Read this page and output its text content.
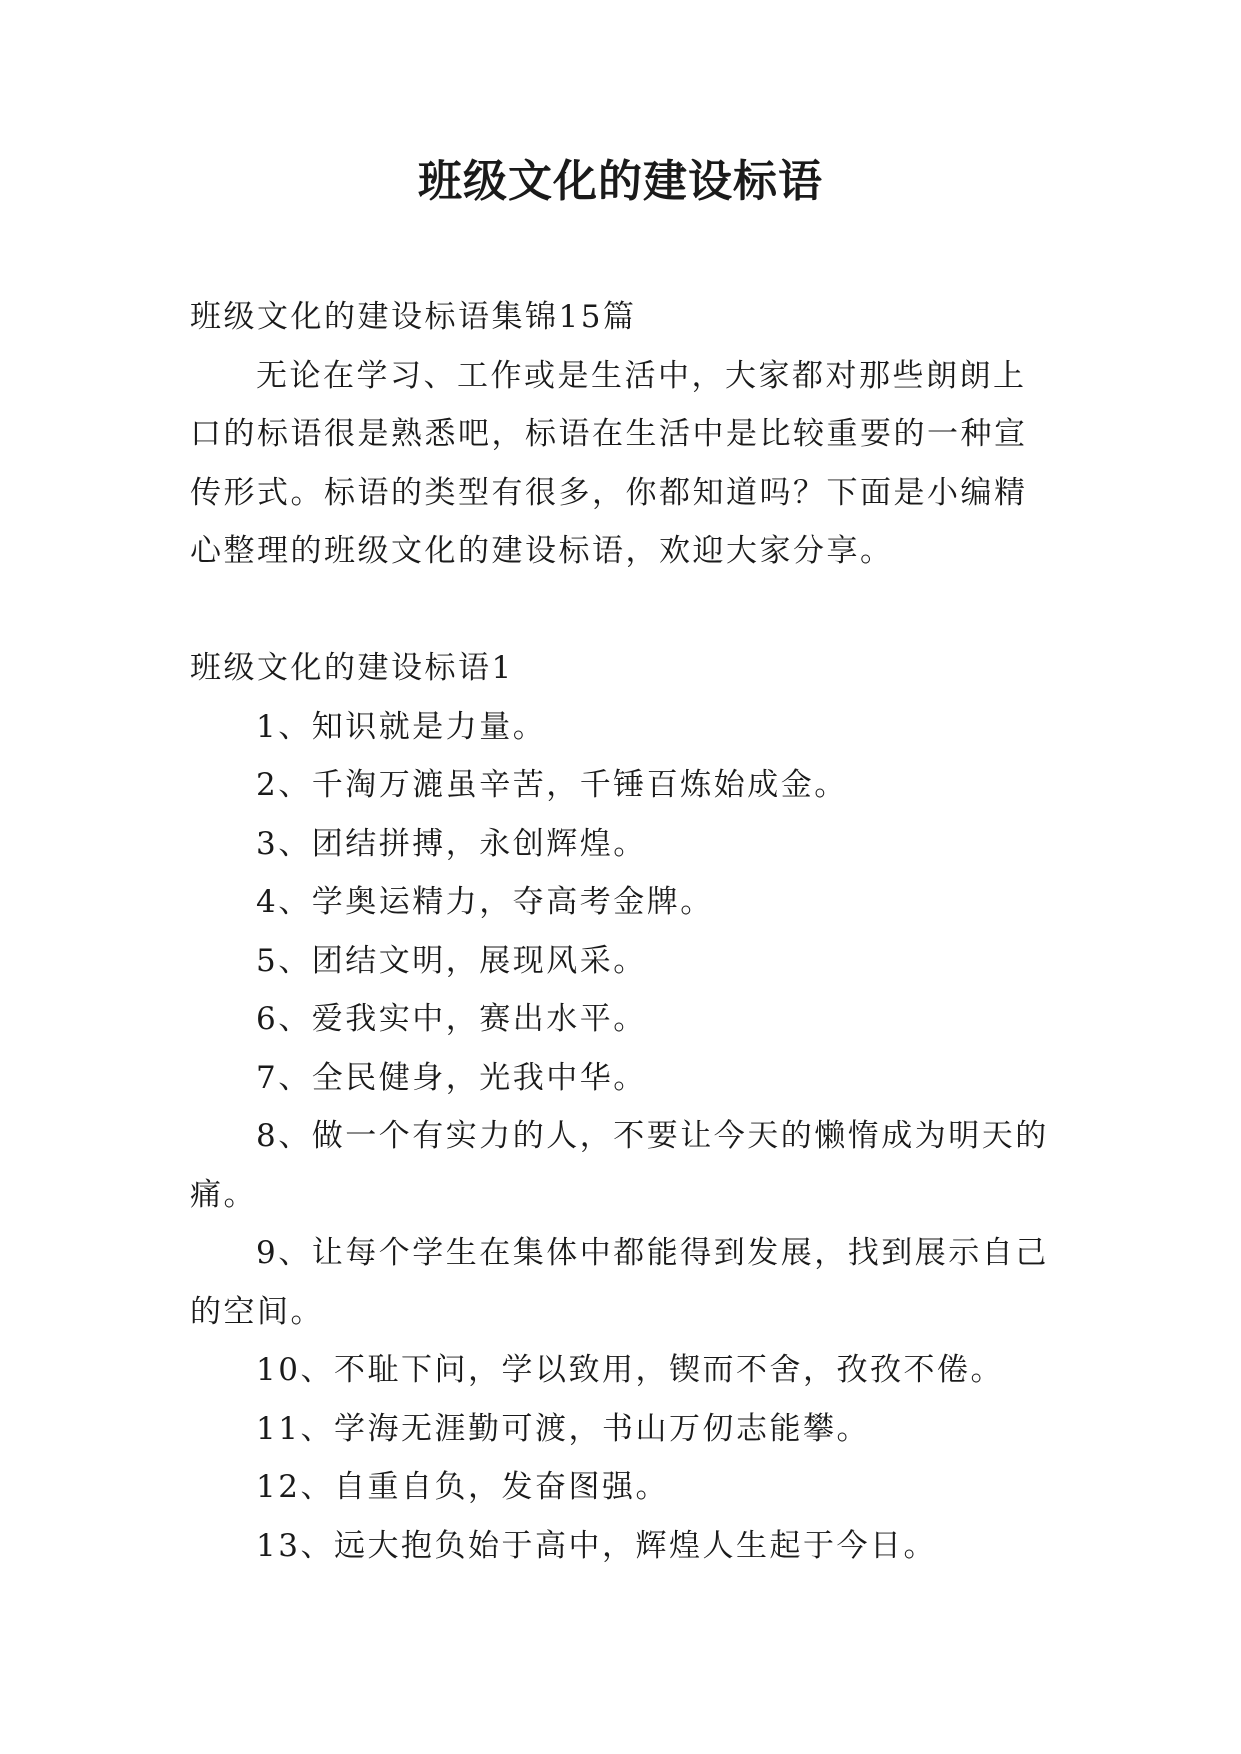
班级文化的建设标语

班级文化的建设标语集锦15篇

无论在学习、工作或是生活中，大家都对那些朗朗上口的标语很是熟悉吧，标语在生活中是比较重要的一种宣传形式。标语的类型有很多，你都知道吗？下面是小编精心整理的班级文化的建设标语，欢迎大家分享。

班级文化的建设标语1

1、知识就是力量。

2、千淘万漉虽辛苦，千锤百炼始成金。

3、团结拼搏，永创辉煌。

4、学奥运精力，夺高考金牌。

5、团结文明，展现风采。

6、爱我实中，赛出水平。

7、全民健身，光我中华。

8、做一个有实力的人，不要让今天的懒惰成为明天的痛。

9、让每个学生在集体中都能得到发展，找到展示自己的空间。

10、不耻下问，学以致用，锲而不舍，孜孜不倦。

11、学海无涯勤可渡，书山万仞志能攀。

12、自重自负，发奋图强。

13、远大抱负始于高中，辉煌人生起于今日。
